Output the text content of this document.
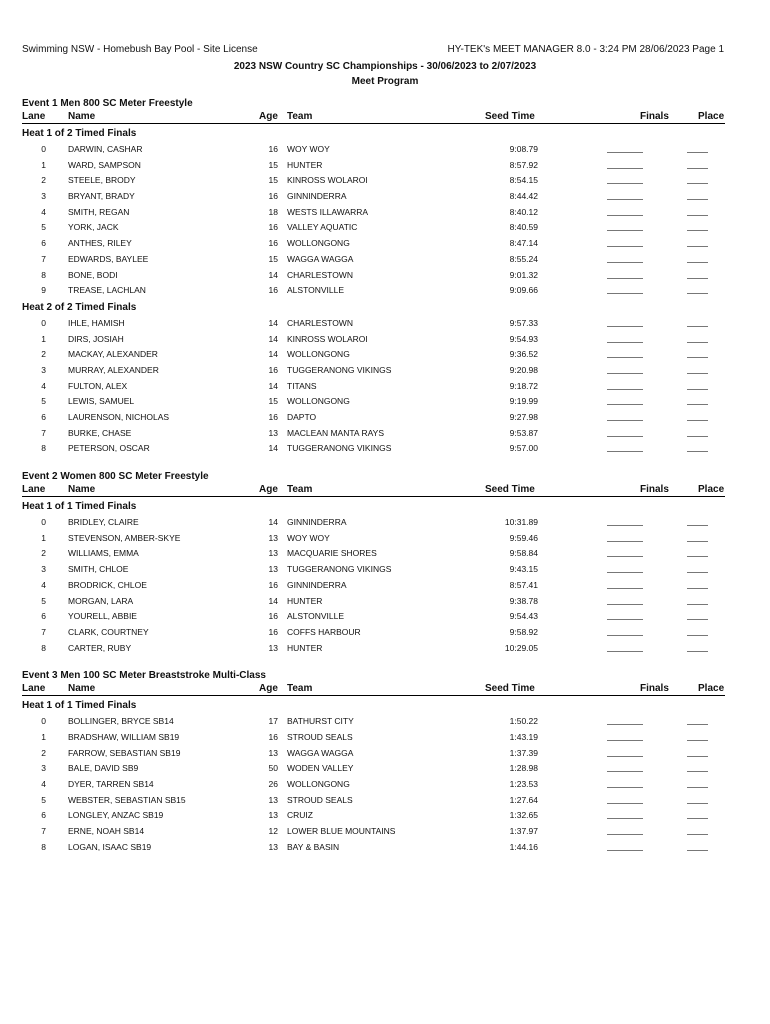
Swimming NSW - Homebush Bay Pool - Site License	HY-TEK's MEET MANAGER 8.0 - 3:24 PM 28/06/2023 Page 1
2023 NSW Country SC Championships - 30/06/2023 to 2/07/2023
Meet Program
Event 1 Men 800 SC Meter Freestyle
Lane Name	Age Team	Seed Time	Finals	Place
Heat 1 of 2 Timed Finals
0	DARWIN, CASHAR	16 WOY WOY	9:08.79
1	WARD, SAMPSON	15 HUNTER	8:57.92
2	STEELE, BRODY	15 KINROSS WOLAROI	8:54.15
3	BRYANT, BRADY	16 GINNINDERRA	8:44.42
4	SMITH, REGAN	18 WESTS ILLAWARRA	8:40.12
5	YORK, JACK	16 VALLEY AQUATIC	8:40.59
6	ANTHES, RILEY	16 WOLLONGONG	8:47.14
7	EDWARDS, BAYLEE	15 WAGGA WAGGA	8:55.24
8	BONE, BODI	14 CHARLESTOWN	9:01.32
9	TREASE, LACHLAN	16 ALSTONVILLE	9:09.66
Heat 2 of 2 Timed Finals
0	IHLE, HAMISH	14 CHARLESTOWN	9:57.33
1	DIRS, JOSIAH	14 KINROSS WOLAROI	9:54.93
2	MACKAY, ALEXANDER	14 WOLLONGONG	9:36.52
3	MURRAY, ALEXANDER	16 TUGGERANONG VIKINGS	9:20.98
4	FULTON, ALEX	14 TITANS	9:18.72
5	LEWIS, SAMUEL	15 WOLLONGONG	9:19.99
6	LAURENSON, NICHOLAS	16 DAPTO	9:27.98
7	BURKE, CHASE	13 MACLEAN MANTA RAYS	9:53.87
8	PETERSON, OSCAR	14 TUGGERANONG VIKINGS	9:57.00
Event 2 Women 800 SC Meter Freestyle
Lane Name	Age Team	Seed Time	Finals	Place
Heat 1 of 1 Timed Finals
0	BRIDLEY, CLAIRE	14 GINNINDERRA	10:31.89
1	STEVENSON, AMBER-SKYE	13 WOY WOY	9:59.46
2	WILLIAMS, EMMA	13 MACQUARIE SHORES	9:58.84
3	SMITH, CHLOE	13 TUGGERANONG VIKINGS	9:43.15
4	BRODRICK, CHLOE	16 GINNINDERRA	8:57.41
5	MORGAN, LARA	14 HUNTER	9:38.78
6	YOURELL, ABBIE	16 ALSTONVILLE	9:54.43
7	CLARK, COURTNEY	16 COFFS HARBOUR	9:58.92
8	CARTER, RUBY	13 HUNTER	10:29.05
Event 3 Men 100 SC Meter Breaststroke Multi-Class
Lane Name	Age Team	Seed Time	Finals	Place
Heat 1 of 1 Timed Finals
0	BOLLINGER, BRYCE SB14	17 BATHURST CITY	1:50.22
1	BRADSHAW, WILLIAM SB19	16 STROUD SEALS	1:43.19
2	FARROW, SEBASTIAN SB19	13 WAGGA WAGGA	1:37.39
3	BALE, DAVID SB9	50 WODEN VALLEY	1:28.98
4	DYER, TARREN SB14	26 WOLLONGONG	1:23.53
5	WEBSTER, SEBASTIAN SB15	13 STROUD SEALS	1:27.64
6	LONGLEY, ANZAC SB19	13 CRUIZ	1:32.65
7	ERNE, NOAH SB14	12 LOWER BLUE MOUNTAINS	1:37.97
8	LOGAN, ISAAC SB19	13 BAY & BASIN	1:44.16
